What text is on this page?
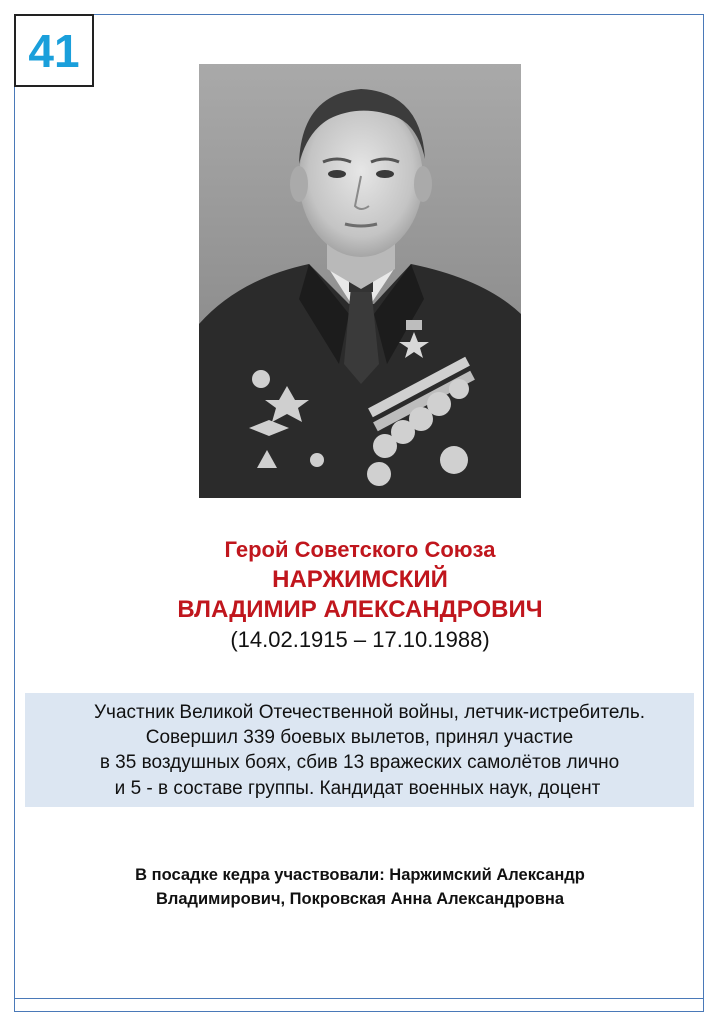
41

Герой Советского Союза

НАРЖИМСКИЙ

ВЛАДИМИР АЛЕКСАНДРОВИЧ

(14.02.1915 – 17.10.1988)

Участник Великой Отечественной войны, летчик-истребитель.
Совершил 339 боевых вылетов, принял участие
в 35 воздушных боях, сбив 13 вражеских самолётов лично
и 5 - в составе группы. Кандидат военных наук, доцент
В посадке кедра участвовали: Наржимский Александр
Владимирович, Покровская Анна Александровна
